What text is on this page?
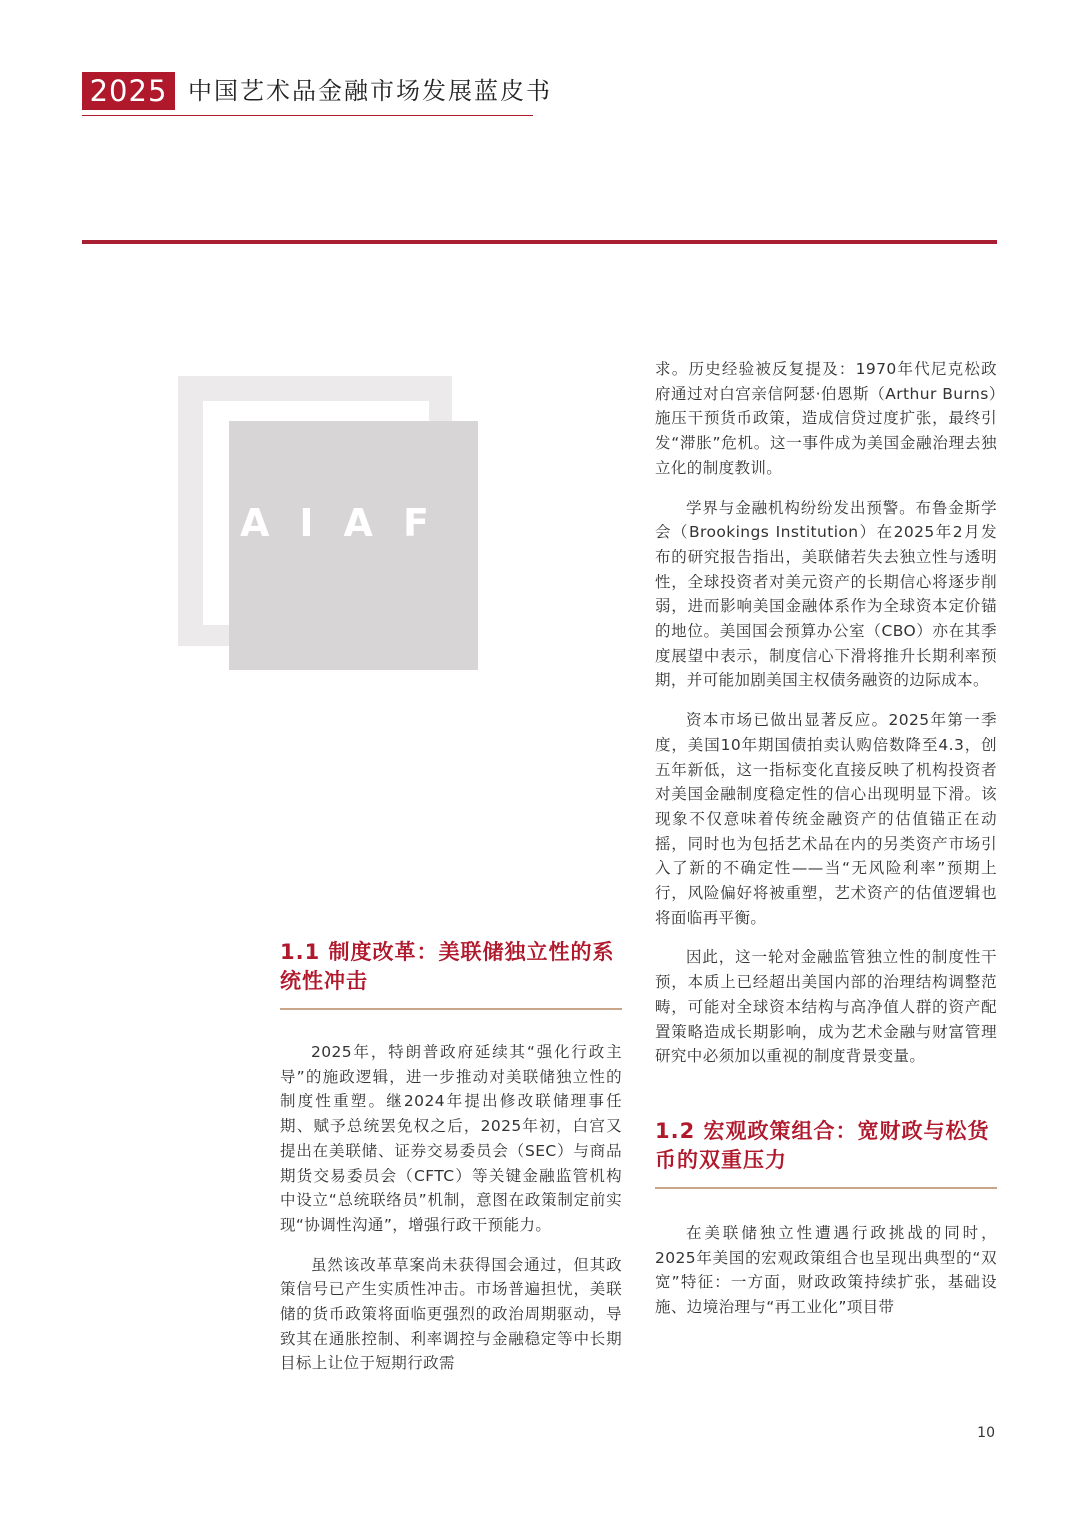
2025 中国艺术品金融市场发展蓝皮书
AIAF
1.1 制度改革：美联储独立性的系统性冲击

2025年，特朗普政府延续其“强化行政主导”的施政逻辑，进一步推动对美联储独立性的制度性重塑。继2024年提出修改联储理事任期、赋予总统罢免权之后，2025年初，白宫又提出在美联储、证券交易委员会（SEC）与商品期货交易委员会（CFTC）等关键金融监管机构中设立“总统联络员”机制，意图在政策制定前实现“协调性沟通”，增强行政干预能力。

虽然该改革草案尚未获得国会通过，但其政策信号已产生实质性冲击。市场普遍担忧，美联储的货币政策将面临更强烈的政治周期驱动，导致其在通胀控制、利率调控与金融稳定等中长期目标上让位于短期行政需

求。历史经验被反复提及：1970年代尼克松政府通过对白宫亲信阿瑟·伯恩斯（Arthur Burns）施压干预货币政策，造成信贷过度扩张，最终引发“滞胀”危机。这一事件成为美国金融治理去独立化的制度教训。

学界与金融机构纷纷发出预警。布鲁金斯学会（Brookings Institution）在2025年2月发布的研究报告指出，美联储若失去独立性与透明性，全球投资者对美元资产的长期信心将逐步削弱，进而影响美国金融体系作为全球资本定价锚的地位。美国国会预算办公室（CBO）亦在其季度展望中表示，制度信心下滑将推升长期利率预期，并可能加剧美国主权债务融资的边际成本。

资本市场已做出显著反应。2025年第一季度，美国10年期国债拍卖认购倍数降至4.3，创五年新低，这一指标变化直接反映了机构投资者对美国金融制度稳定性的信心出现明显下滑。该现象不仅意味着传统金融资产的估值锚正在动摇，同时也为包括艺术品在内的另类资产市场引入了新的不确定性——当“无风险利率”预期上行，风险偏好将被重塑，艺术资产的估值逻辑也将面临再平衡。

因此，这一轮对金融监管独立性的制度性干预，本质上已经超出美国内部的治理结构调整范畴，可能对全球资本结构与高净值人群的资产配置策略造成长期影响，成为艺术金融与财富管理研究中必须加以重视的制度背景变量。

1.2 宏观政策组合：宽财政与松货币的双重压力

在美联储独立性遭遇行政挑战的同时，2025年美国的宏观政策组合也呈现出典型的“双宽”特征：一方面，财政政策持续扩张，基础设施、边境治理与“再工业化”项目带

10
